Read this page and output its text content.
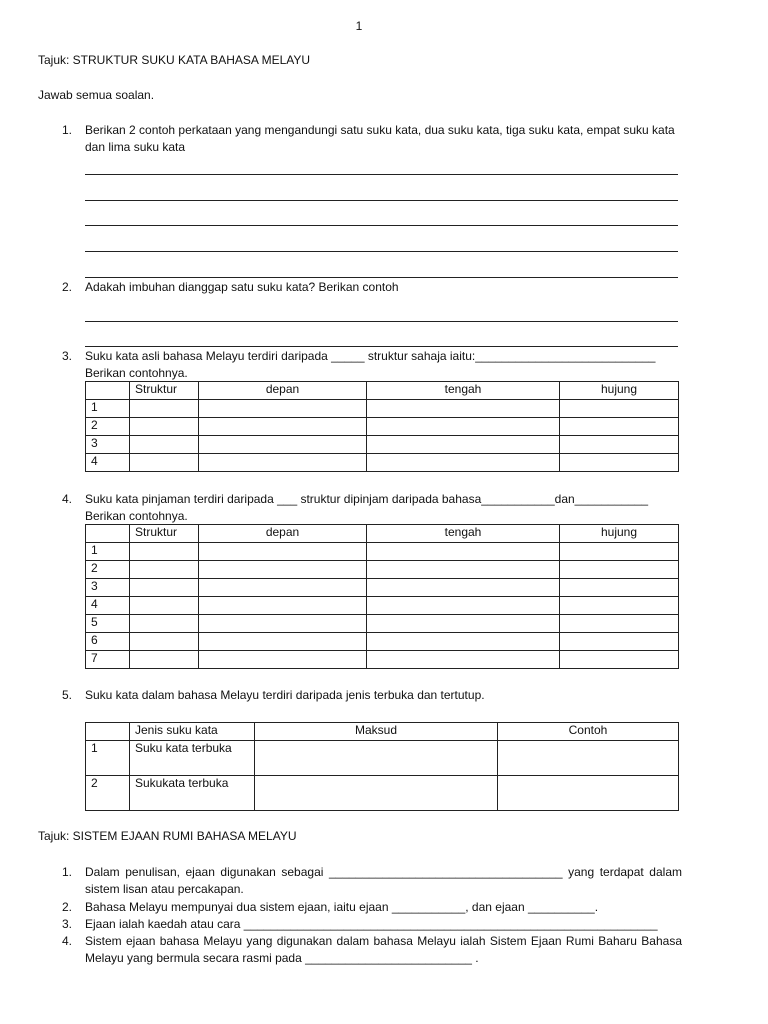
1
Tajuk: STRUKTUR SUKU KATA BAHASA MELAYU
Jawab semua soalan.
1. Berikan 2 contoh perkataan yang mengandungi satu suku kata, dua suku kata, tiga suku kata, empat suku kata dan lima suku kata
2. Adakah imbuhan dianggap satu suku kata? Berikan contoh
3. Suku kata asli bahasa Melayu terdiri daripada _____ struktur sahaja iaitu:___________________________
Berikan contohnya.
	Struktur	depan	tengah	hujung
1				
2				
3				
4				
4. Suku kata pinjaman terdiri daripada ___ struktur dipinjam daripada bahasa___________dan___________
Berikan contohnya.
	Struktur	depan	tengah	hujung
1				
2				
3				
4				
5				
6				
7				
5. Suku kata dalam bahasa Melayu terdiri daripada jenis terbuka dan tertutup.
	Jenis suku kata	Maksud	Contoh
1	Suku kata terbuka		
2	Sukukata terbuka		
Tajuk: SISTEM EJAAN RUMI BAHASA MELAYU
1. Dalam penulisan, ejaan digunakan sebagai ___________________________________ yang terdapat dalam sistem lisan atau percakapan.
2. Bahasa Melayu mempunyai dua sistem ejaan, iaitu ejaan ___________, dan ejaan __________.
3. Ejaan ialah kaedah atau cara ______________________________________________________________
4. Sistem ejaan bahasa Melayu yang digunakan dalam bahasa Melayu ialah Sistem Ejaan Rumi Baharu Bahasa Melayu yang bermula secara rasmi pada _________________________ .
